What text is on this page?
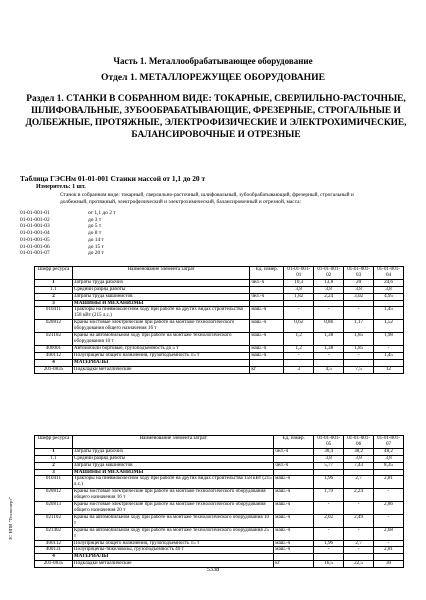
Часть 1. Металлообрабатывающее оборудование
Отдел 1. МЕТАЛЛОРЕЖУЩЕЕ ОБОРУДОВАНИЕ
Раздел 1. СТАНКИ В СОБРАННОМ ВИДЕ: ТОКАРНЫЕ, СВЕРЛИЛЬНО-РАСТОЧНЫЕ, ШЛИФОВАЛЬНЫЕ, ЗУБООБРАБАТЫВАЮЩИЕ, ФРЕЗЕРНЫЕ, СТРОГАЛЬНЫЕ И ДОЛБЕЖНЫЕ, ПРОТЯЖНЫЕ, ЭЛЕКТРОФИЗИЧЕСКИЕ И ЭЛЕКТРОХИМИЧЕСКИЕ, БАЛАНСИРОВОЧНЫЕ И ОТРЕЗНЫЕ
Таблица ГЭСНм 01-01-001 Станки массой от 1,1 до 20 т
Измеритель: 1 шт.
Станок в собранном виде: токарный, сверлильно-расточный, шлифовальный, зубообрабатывающий, фрезерный, строгальный и долбежный, протяжный, электрофизический и электрохимический, балансировочный и отрезной, масса:
01-01-001-01	от 1,1 до 2 т
01-01-001-02	до 3 т
01-01-001-03	до 5 т
01-01-001-04	до 8 т
01-01-001-05	до 14 т
01-01-001-06	до 15 т
01-01-001-07	до 20 т
Шифр ресурса	Наименование элемента затрат	Ед. измер.	01-01-001-01	01-01-001-02	01-01-001-03	01-01-001-04
1	Затраты труда рабочих	чел.-ч	10,3	13,8	20	24,6
1.1	Средний разряд работы		3,8	3,8	3,8	3,8
2	Затраты труда машинистов	чел.-ч	1,82	2,24	3,02	4,95
3	МАШИНЫ И МЕХАНИЗМЫ					
010411	Тракторы на пневмоколесном ходу при работе на других видах строительства 158 кВт (215 л.с.)	маш.-ч	-	-	-	1,45
020812	Краны мостовые электрические при работе на монтаже технологического оборудования общего назначения 16 т	маш.-ч	0,62	0,86	1,17	1,52
021102	Краны на автомобильном ходу при работе на монтаже технологического оборудования 10 т	маш.-ч	1,2	1,38	1,85	1,98
400001	Автомобили бортовые, грузоподъемность до 5 т	маш.-ч	1,2	1,38	1,85	-
400112	Полуприцепы общего назначения, грузоподъемность 15 т	маш.-ч	-	-	-	1,45
4	МАТЕРИАЛЫ					
201-0835	Подкладки металлические	кг	3	4,5	7,5	12
Шифр ресурса	Наименование элемента затрат	Ед. измер.	01-01-001-05	01-01-001-06	01-01-001-07
1	Затраты труда рабочих	чел.-ч	30,4	38,2	48,2
1.1	Средний разряд работы		3,8	3,8	3,8
2	Затраты труда машинистов	чел.-ч	5,77	7,43	8,35
3	МАШИНЫ И МЕХАНИЗМЫ				
010411	Тракторы на пневмоколесном ходу при работе на других видах строительства 158 кВт (215 л.с.)	маш.-ч	1,96	2,7	2,81
020812	Краны мостовые электрические при работе на монтаже технологического оборудования общего назначения 16 т	маш.-ч	1,79	2,24	-
020813	Краны мостовые электрические при работе на монтаже технологического оборудования общего назначения 20 т	маш.-ч	-	-	2,86
021102	Краны на автомобильном ходу при работе на монтаже технологического оборудования 10 т	маш.-ч	2,02	2,49	-
021402	Краны на автомобильном ходу при работе на монтаже технологического оборудования 25 т	маш.-ч	-	-	2,68
400112	Полуприцепы общего назначения, грузоподъемность 15 т	маш.-ч	1,96	2,7	-
400131	Полуприцепы-тяжеловозы, грузоподъемность 40 т	маш.-ч	-	-	2,81
4	МАТЕРИАЛЫ				
201-0835	Подкладки металлические	кг	16,5	22,5	30
ЗС НПИ "Техэксперт"
5338
